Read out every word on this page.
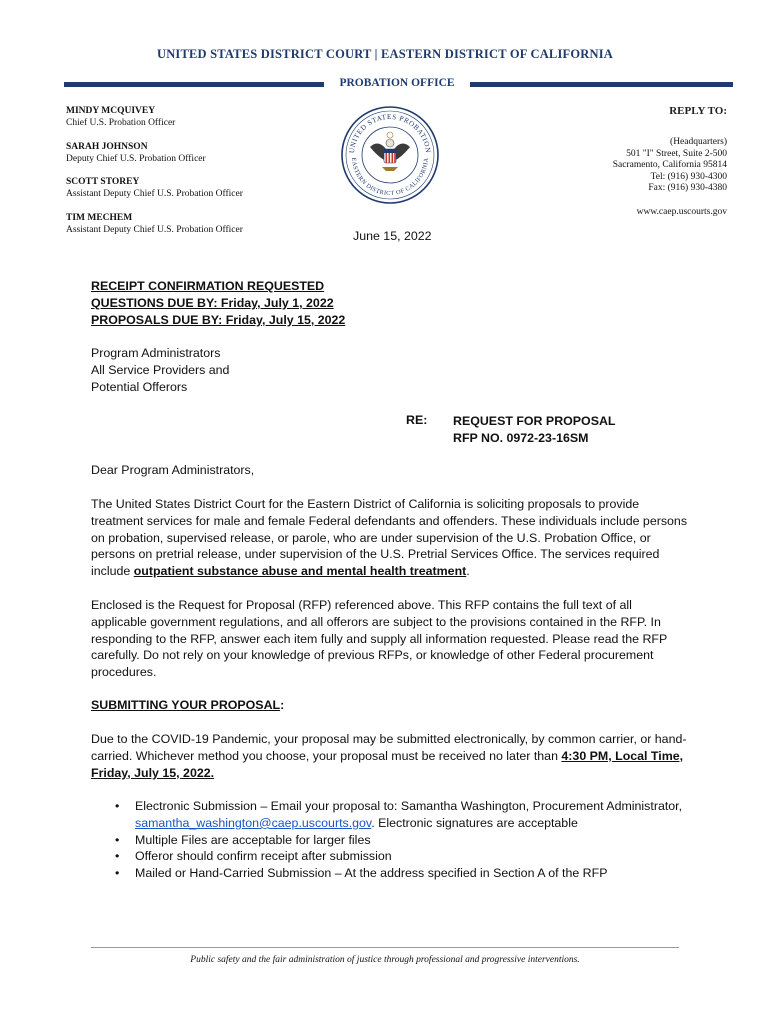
UNITED STATES DISTRICT COURT | EASTERN DISTRICT OF CALIFORNIA
PROBATION OFFICE
MINDY MCQUIVEY
Chief U.S. Probation Officer
SARAH JOHNSON
Deputy Chief U.S. Probation Officer
SCOTT STOREY
Assistant Deputy Chief U.S. Probation Officer
TIM MECHEM
Assistant Deputy Chief U.S. Probation Officer
UNITED STATES PROBATION
EASTERN DISTRICT OF CALIFORNIA
REPLY TO:
(Headquarters)
501 "I" Street, Suite 2-500
Sacramento, California 95814
Tel: (916) 930-4300
Fax: (916) 930-4380
www.caep.uscourts.gov
June 15, 2022
RECEIPT CONFIRMATION REQUESTED
QUESTIONS DUE BY: Friday, July 1, 2022
PROPOSALS DUE BY: Friday, July 15, 2022
Program Administrators
All Service Providers and
Potential Offerors
RE: REQUEST FOR PROPOSAL
RFP NO. 0972-23-16SM
Dear Program Administrators,
The United States District Court for the Eastern District of California is soliciting proposals to provide treatment services for male and female Federal defendants and offenders. These individuals include persons on probation, supervised release, or parole, who are under supervision of the U.S. Probation Office, or persons on pretrial release, under supervision of the U.S. Pretrial Services Office. The services required include outpatient substance abuse and mental health treatment.
Enclosed is the Request for Proposal (RFP) referenced above. This RFP contains the full text of all applicable government regulations, and all offerors are subject to the provisions contained in the RFP. In responding to the RFP, answer each item fully and supply all information requested. Please read the RFP carefully. Do not rely on your knowledge of previous RFPs, or knowledge of other Federal procurement procedures.
SUBMITTING YOUR PROPOSAL:
Due to the COVID-19 Pandemic, your proposal may be submitted electronically, by common carrier, or hand-carried. Whichever method you choose, your proposal must be received no later than 4:30 PM, Local Time, Friday, July 15, 2022.
• Electronic Submission – Email your proposal to: Samantha Washington, Procurement Administrator, samantha_washington@caep.uscourts.gov. Electronic signatures are acceptable
• Multiple Files are acceptable for larger files
• Offeror should confirm receipt after submission
• Mailed or Hand-Carried Submission – At the address specified in Section A of the RFP
Public safety and the fair administration of justice through professional and progressive interventions.
